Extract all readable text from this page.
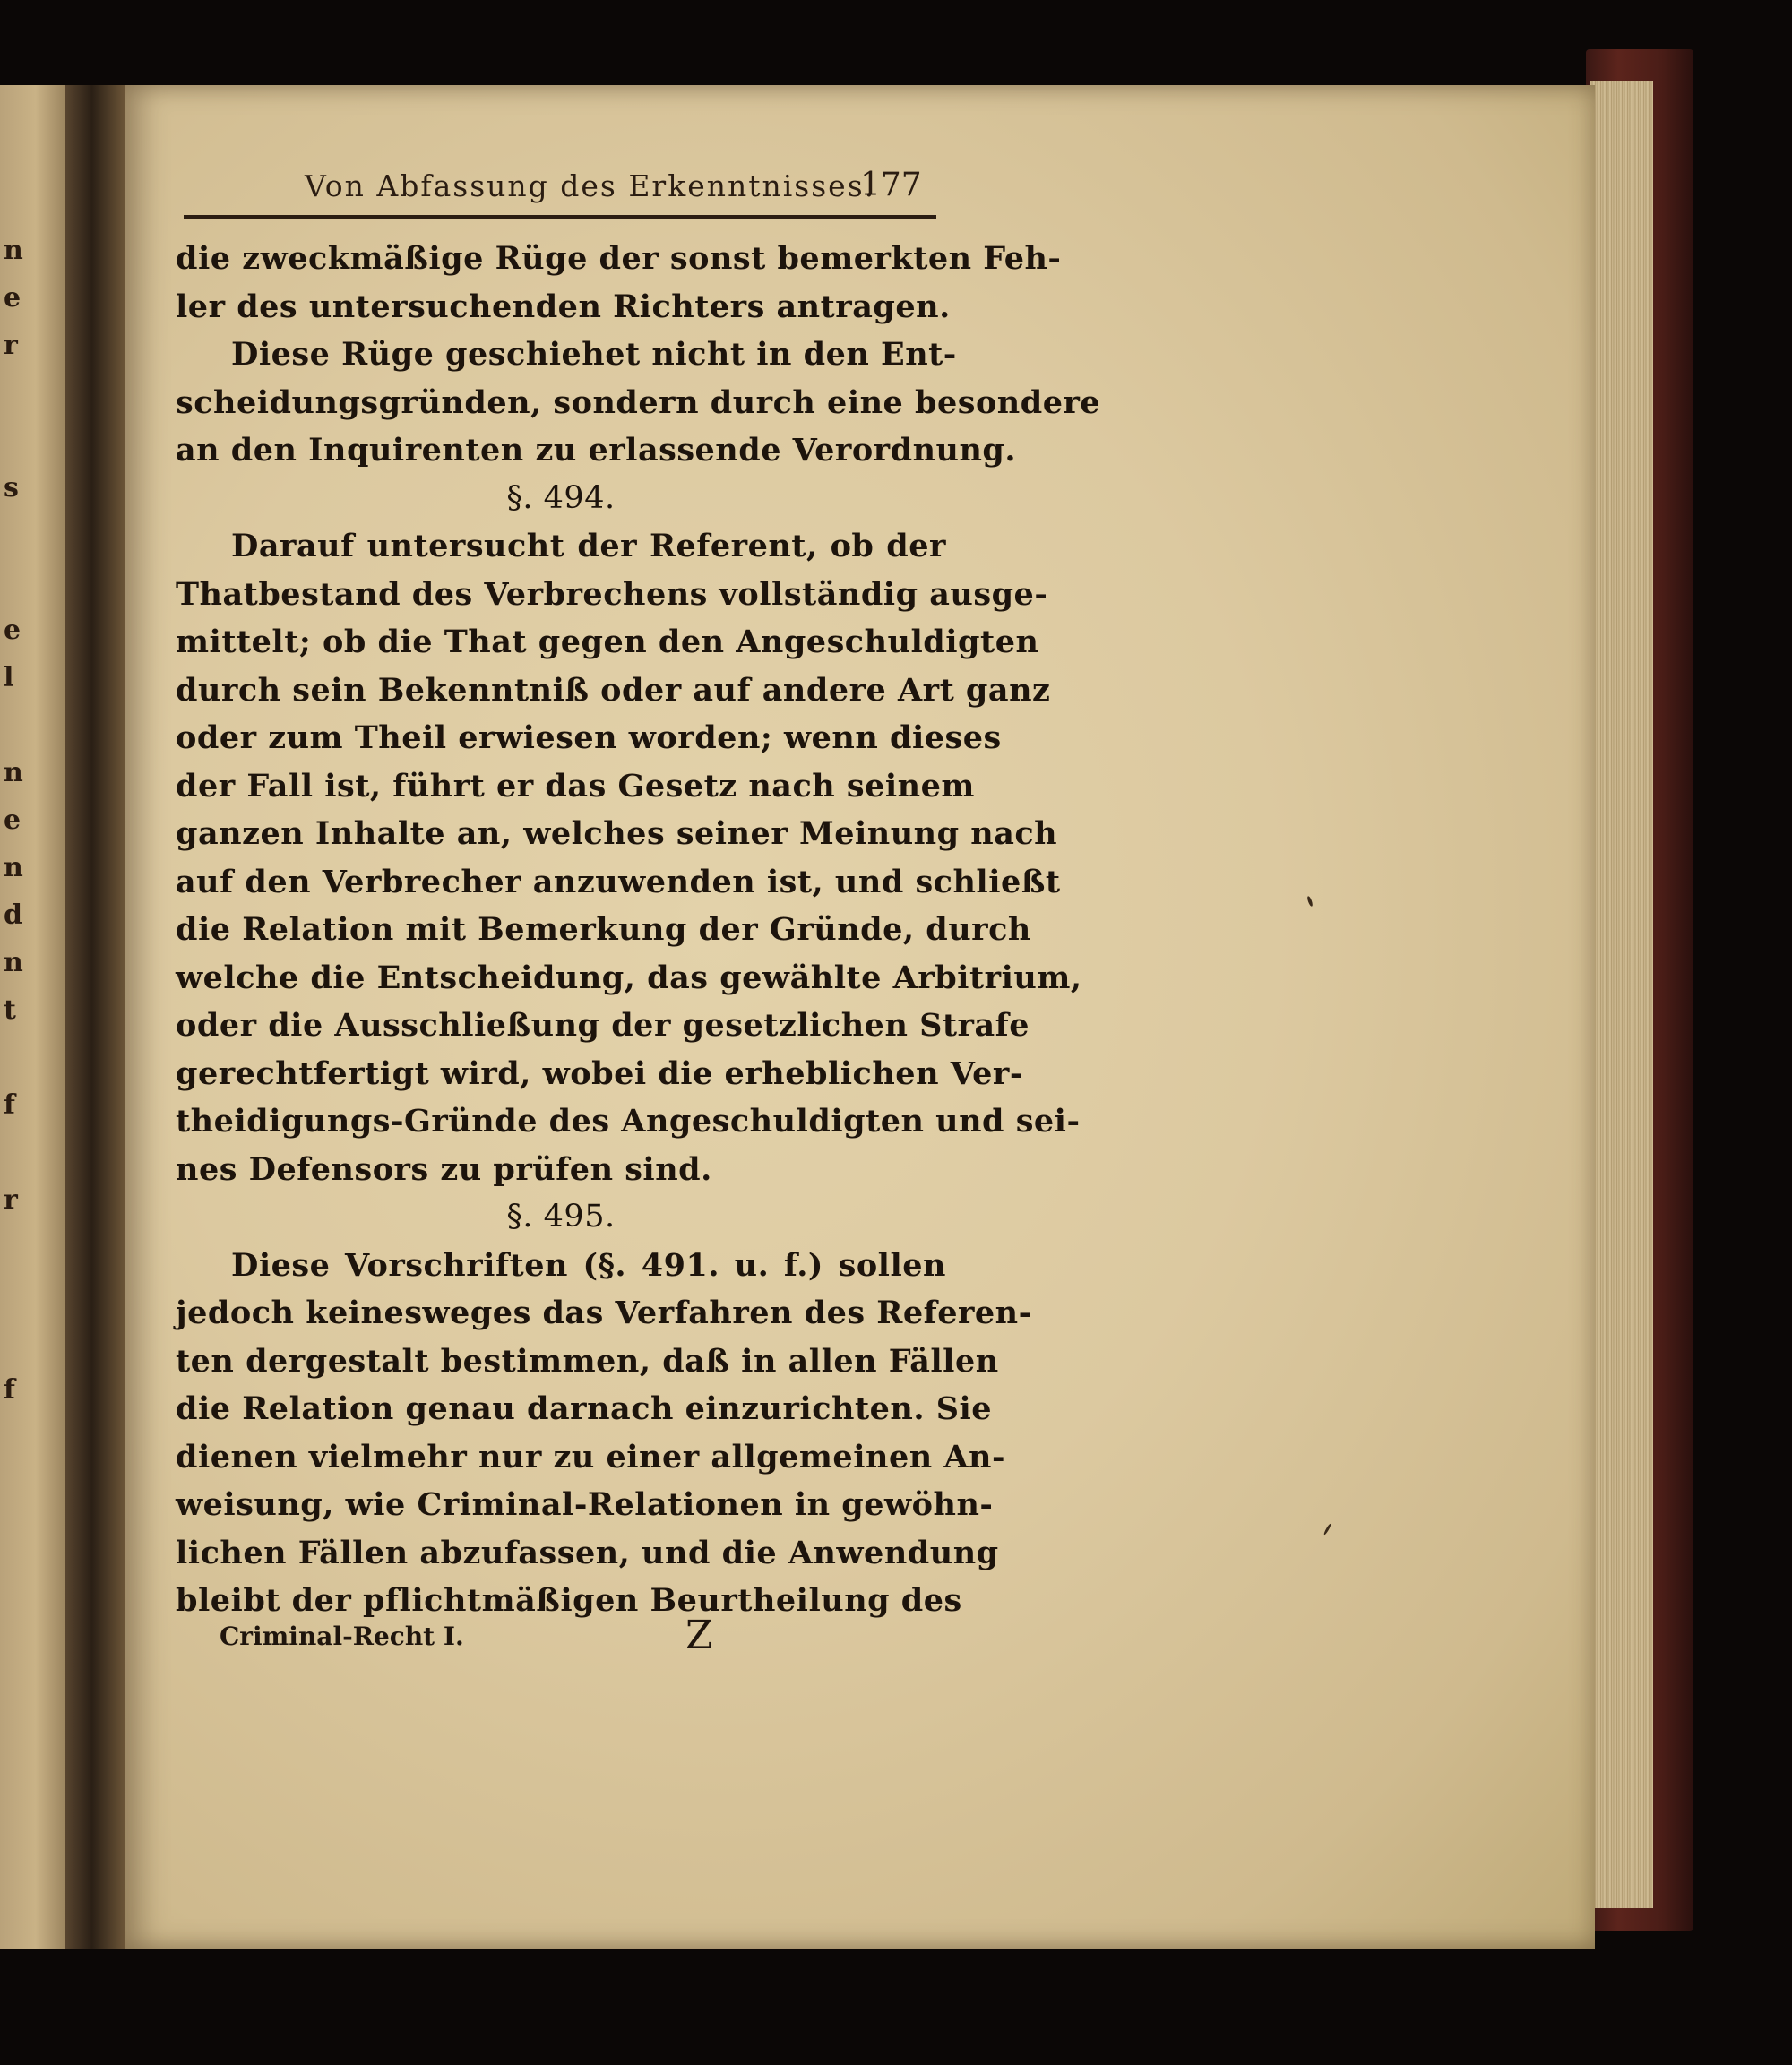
n
e
r
s
e
l
n
e
n
d
n
t
f
r
f
Von Abfassung des Erkenntnisses.
177
die zweckmäßige Rüge der sonst bemerkten Feh-
ler des untersuchenden Richters antragen.
Diese Rüge geschiehet nicht in den Ent-
scheidungsgründen, sondern durch eine besondere
an den Inquirenten zu erlassende Verordnung.
§. 494.
Darauf untersucht der Referent, ob der
Thatbestand des Verbrechens vollständig ausge-
mittelt; ob die That gegen den Angeschuldigten
durch sein Bekenntniß oder auf andere Art ganz
oder zum Theil erwiesen worden; wenn dieses
der Fall ist, führt er das Gesetz nach seinem
ganzen Inhalte an, welches seiner Meinung nach
auf den Verbrecher anzuwenden ist, und schließt
die Relation mit Bemerkung der Gründe, durch
welche die Entscheidung, das gewählte Arbitrium,
oder die Ausschließung der gesetzlichen Strafe
gerechtfertigt wird, wobei die erheblichen Ver-
theidigungs-Gründe des Angeschuldigten und sei-
nes Defensors zu prüfen sind.
§. 495.
Diese Vorschriften (§. 491. u. f.) sollen
jedoch keinesweges das Verfahren des Referen-
ten dergestalt bestimmen, daß in allen Fällen
die Relation genau darnach einzurichten. Sie
dienen vielmehr nur zu einer allgemeinen An-
weisung, wie Criminal-Relationen in gewöhn-
lichen Fällen abzufassen, und die Anwendung
bleibt der pflichtmäßigen Beurtheilung des
Criminal-Recht I.	Z
